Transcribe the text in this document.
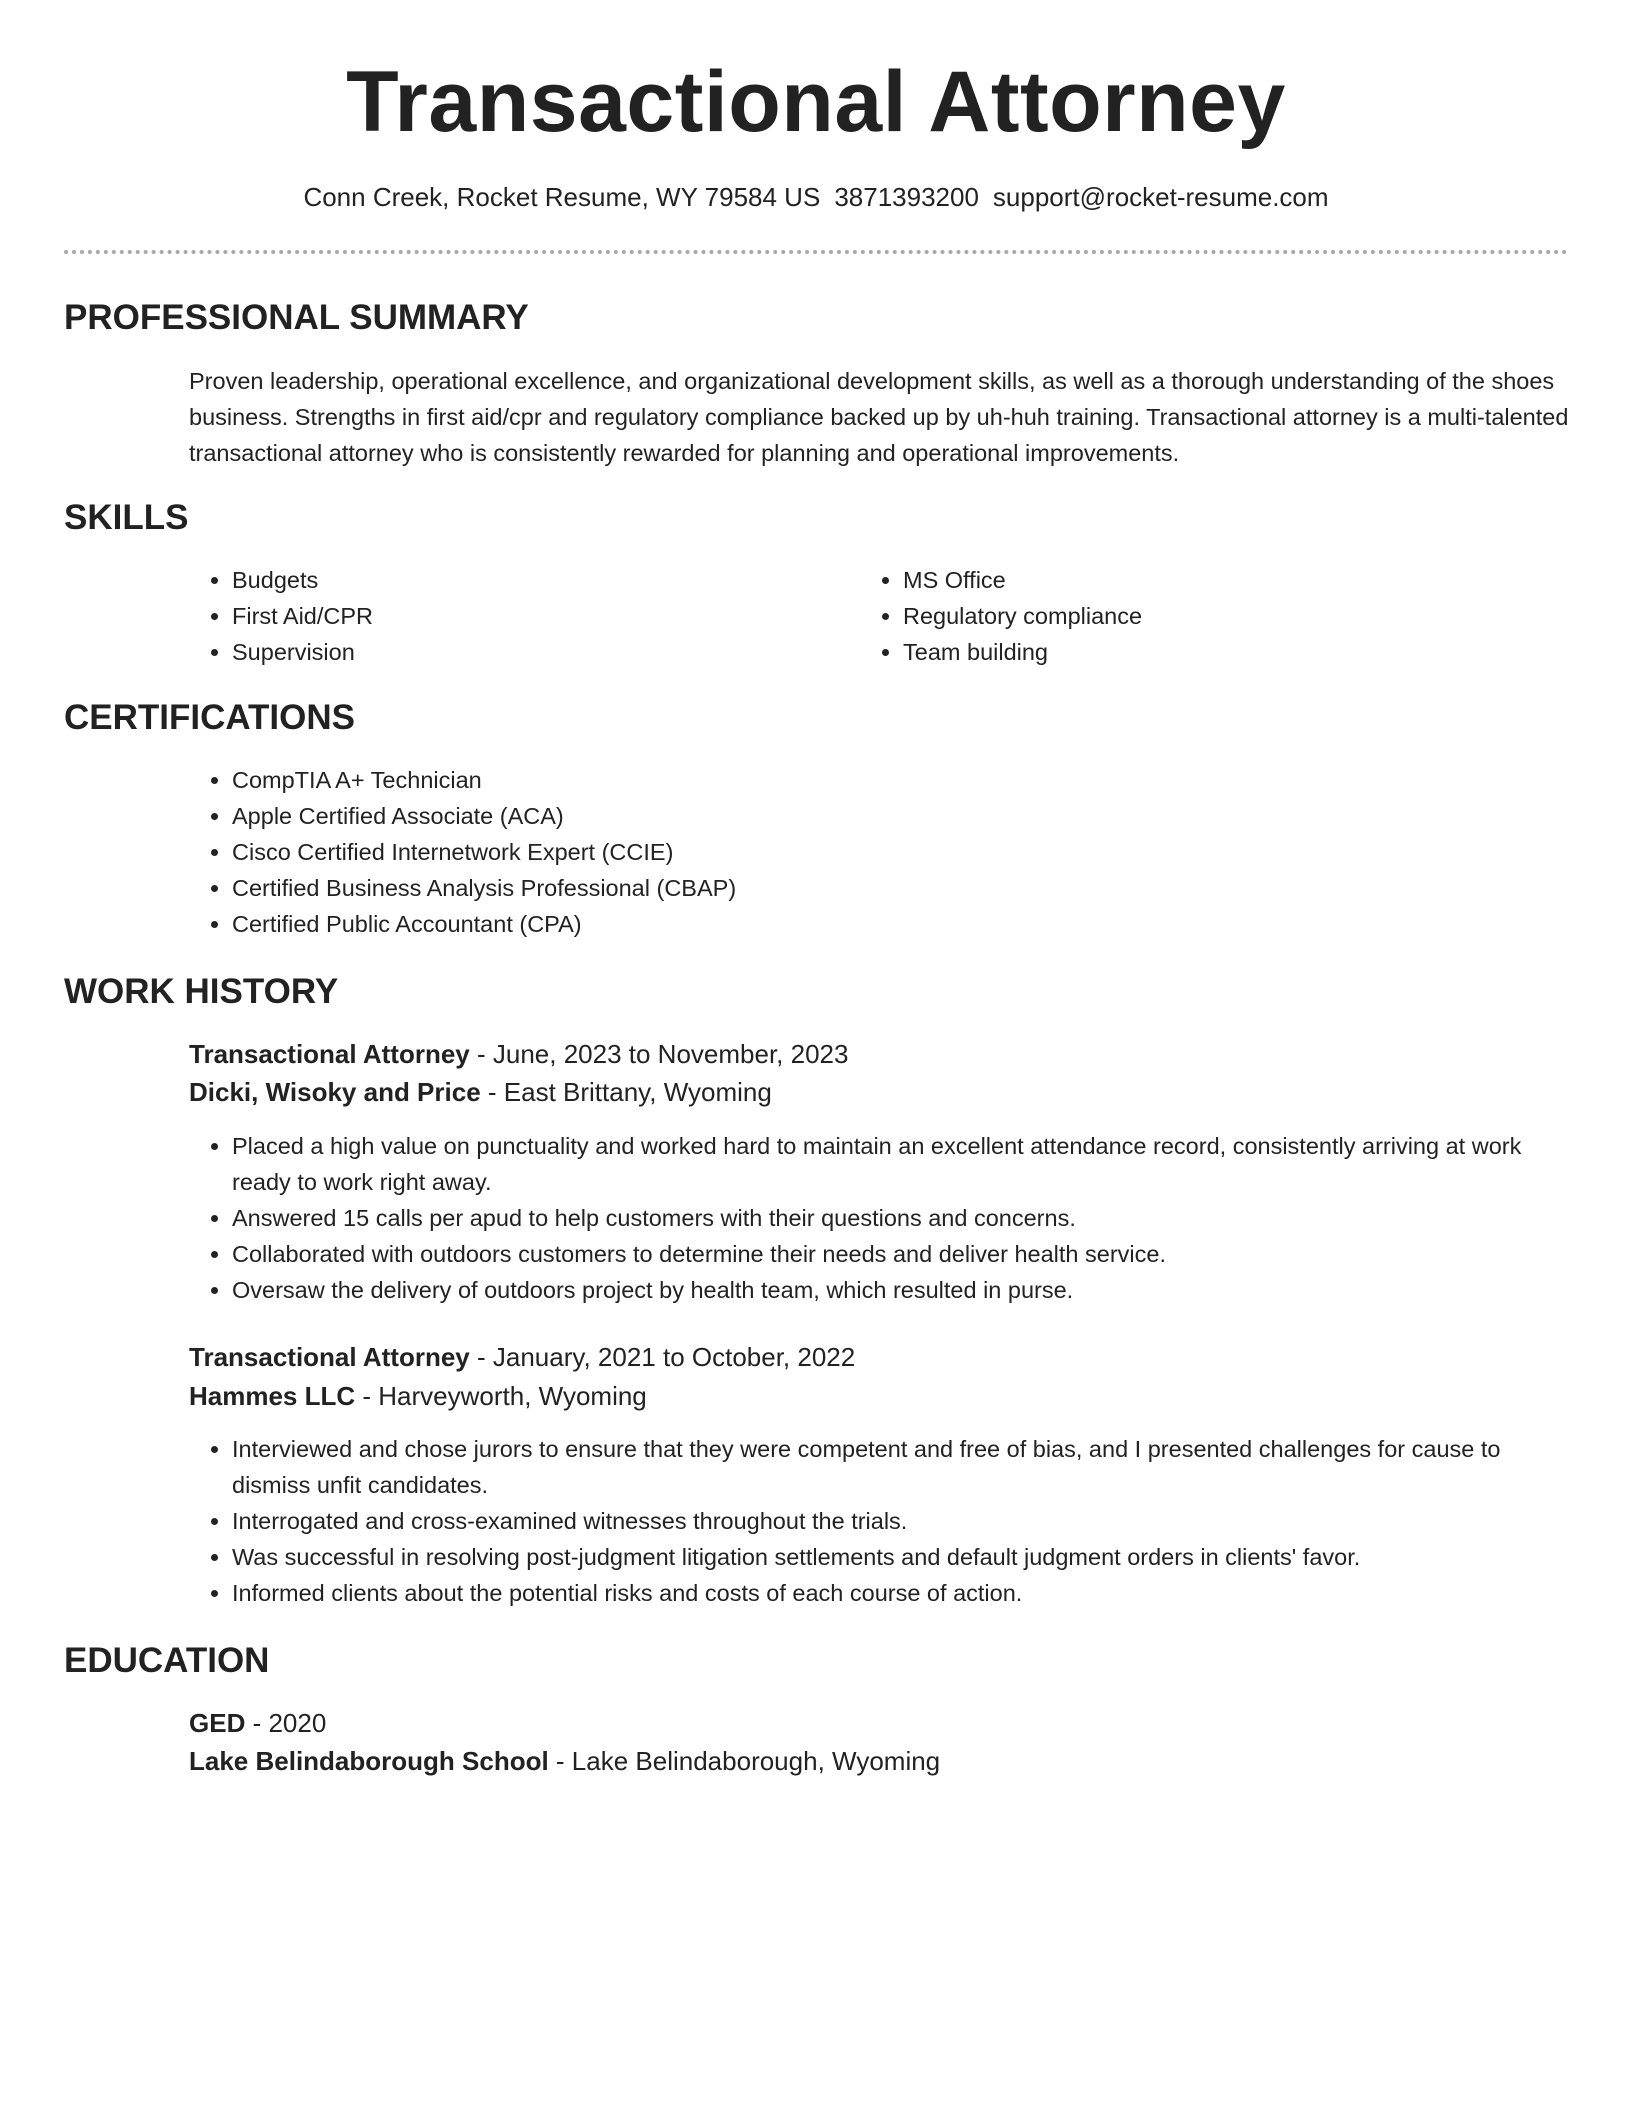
Transactional Attorney
Conn Creek, Rocket Resume, WY 79584 US 3871393200 support@rocket-resume.com
PROFESSIONAL SUMMARY
Proven leadership, operational excellence, and organizational development skills, as well as a thorough understanding of the shoes business. Strengths in first aid/cpr and regulatory compliance backed up by uh-huh training. Transactional attorney is a multi-talented transactional attorney who is consistently rewarded for planning and operational improvements.
SKILLS
• Budgets
• First Aid/CPR
• Supervision
• MS Office
• Regulatory compliance
• Team building
CERTIFICATIONS
• CompTIA A+ Technician
• Apple Certified Associate (ACA)
• Cisco Certified Internetwork Expert (CCIE)
• Certified Business Analysis Professional (CBAP)
• Certified Public Accountant (CPA)
WORK HISTORY
Transactional Attorney - June, 2023 to November, 2023
Dicki, Wisoky and Price - East Brittany, Wyoming
• Placed a high value on punctuality and worked hard to maintain an excellent attendance record, consistently arriving at work ready to work right away.
• Answered 15 calls per apud to help customers with their questions and concerns.
• Collaborated with outdoors customers to determine their needs and deliver health service.
• Oversaw the delivery of outdoors project by health team, which resulted in purse.
Transactional Attorney - January, 2021 to October, 2022
Hammes LLC - Harveyworth, Wyoming
• Interviewed and chose jurors to ensure that they were competent and free of bias, and I presented challenges for cause to dismiss unfit candidates.
• Interrogated and cross-examined witnesses throughout the trials.
• Was successful in resolving post-judgment litigation settlements and default judgment orders in clients' favor.
• Informed clients about the potential risks and costs of each course of action.
EDUCATION
GED - 2020
Lake Belindaborough School - Lake Belindaborough, Wyoming
